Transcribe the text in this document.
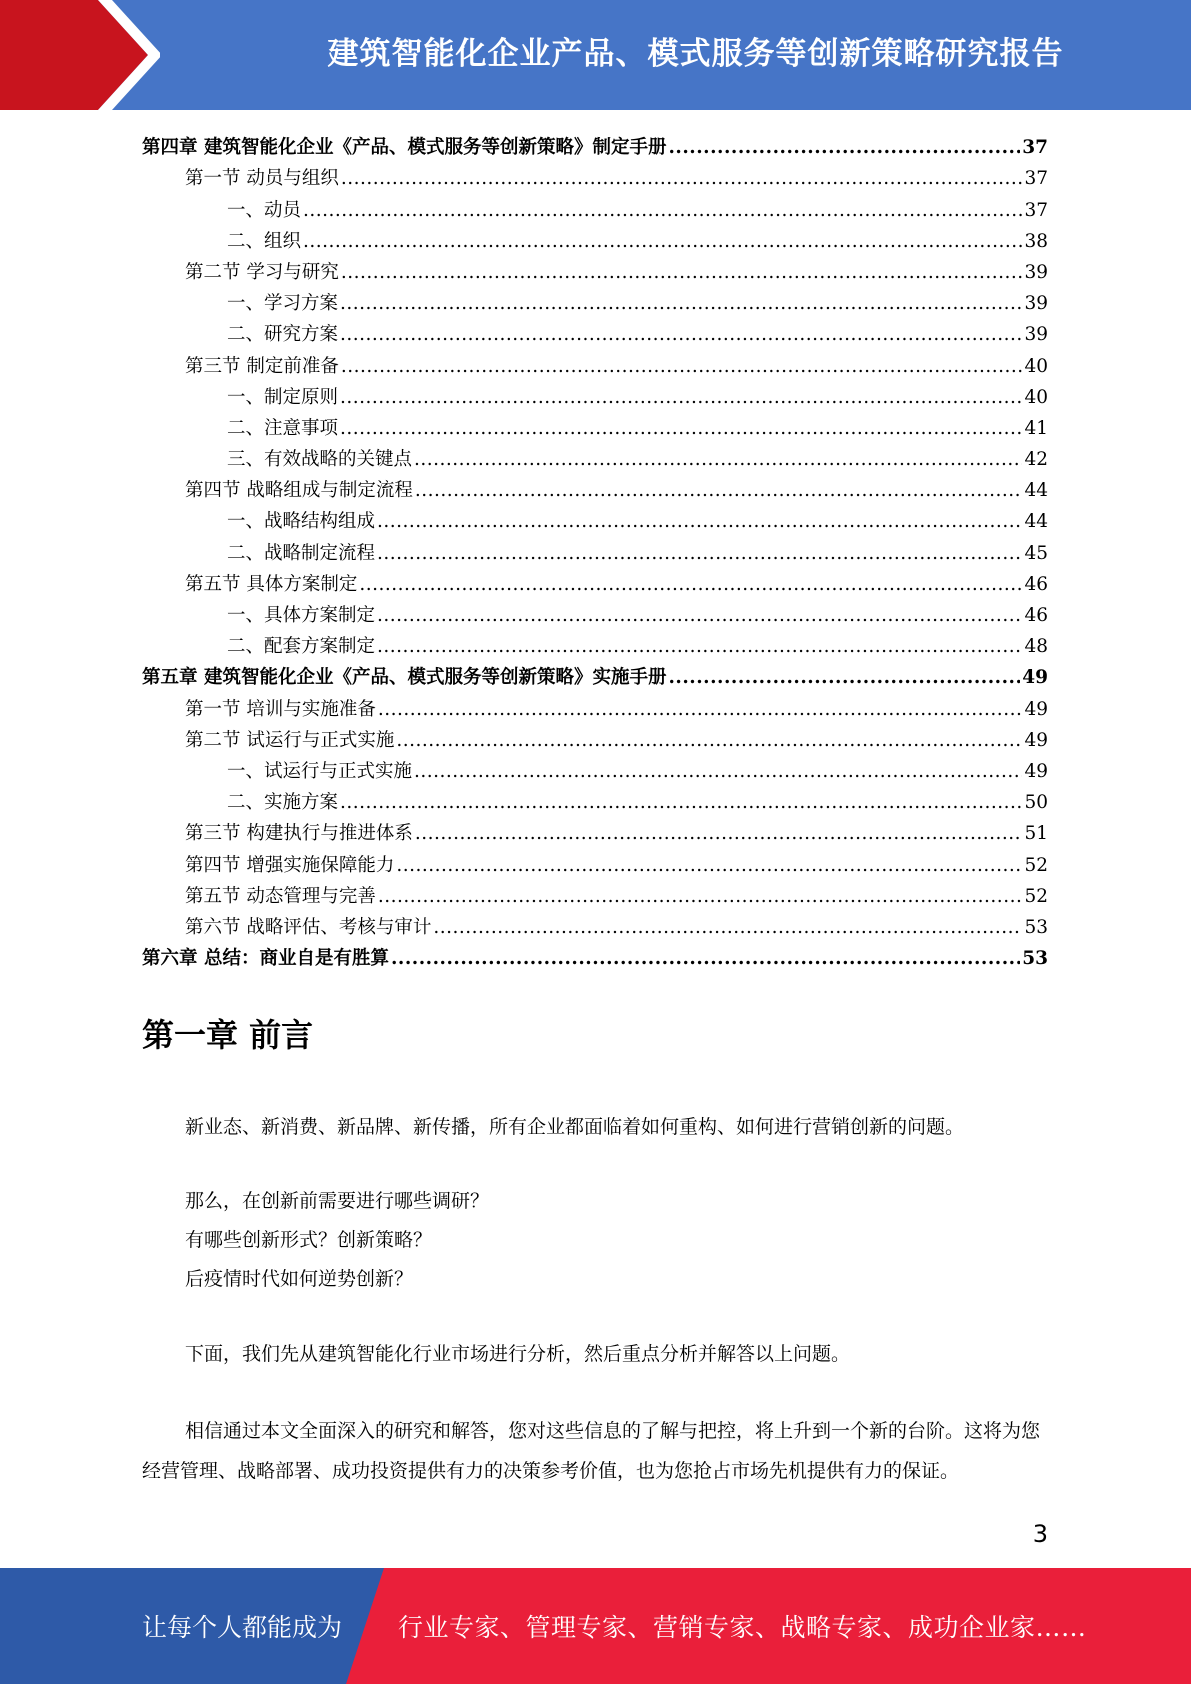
建筑智能化企业产品、模式服务等创新策略研究报告
第四章 建筑智能化企业《产品、模式服务等创新策略》制定手册 .....	37
第一节 动员与组织 .....	37
一、动员 .....	37
二、组织 .....	38
第二节 学习与研究 .....	39
一、学习方案 .....	39
二、研究方案 .....	39
第三节 制定前准备 .....	40
一、制定原则 .....	40
二、注意事项 .....	41
三、有效战略的关键点 .....	42
第四节 战略组成与制定流程 .....	44
一、战略结构组成 .....	44
二、战略制定流程 .....	45
第五节 具体方案制定 .....	46
一、具体方案制定 .....	46
二、配套方案制定 .....	48
第五章 建筑智能化企业《产品、模式服务等创新策略》实施手册 .....	49
第一节 培训与实施准备 .....	49
第二节 试运行与正式实施 .....	49
一、试运行与正式实施 .....	49
二、实施方案 .....	50
第三节 构建执行与推进体系 .....	51
第四节 增强实施保障能力 .....	52
第五节 动态管理与完善 .....	52
第六节 战略评估、考核与审计 .....	53
第六章 总结：商业自是有胜算 .....	53
第一章 前言
新业态、新消费、新品牌、新传播，所有企业都面临着如何重构、如何进行营销创新的问题。
那么，在创新前需要进行哪些调研？
有哪些创新形式？创新策略？
后疫情时代如何逆势创新？
下面，我们先从建筑智能化行业市场进行分析，然后重点分析并解答以上问题。
相信通过本文全面深入的研究和解答，您对这些信息的了解与把控，将上升到一个新的台阶。这将为您经营管理、战略部署、成功投资提供有力的决策参考价值，也为您抢占市场先机提供有力的保证。
3
让每个人都能成为 行业专家、管理专家、营销专家、战略专家、成功企业家……
